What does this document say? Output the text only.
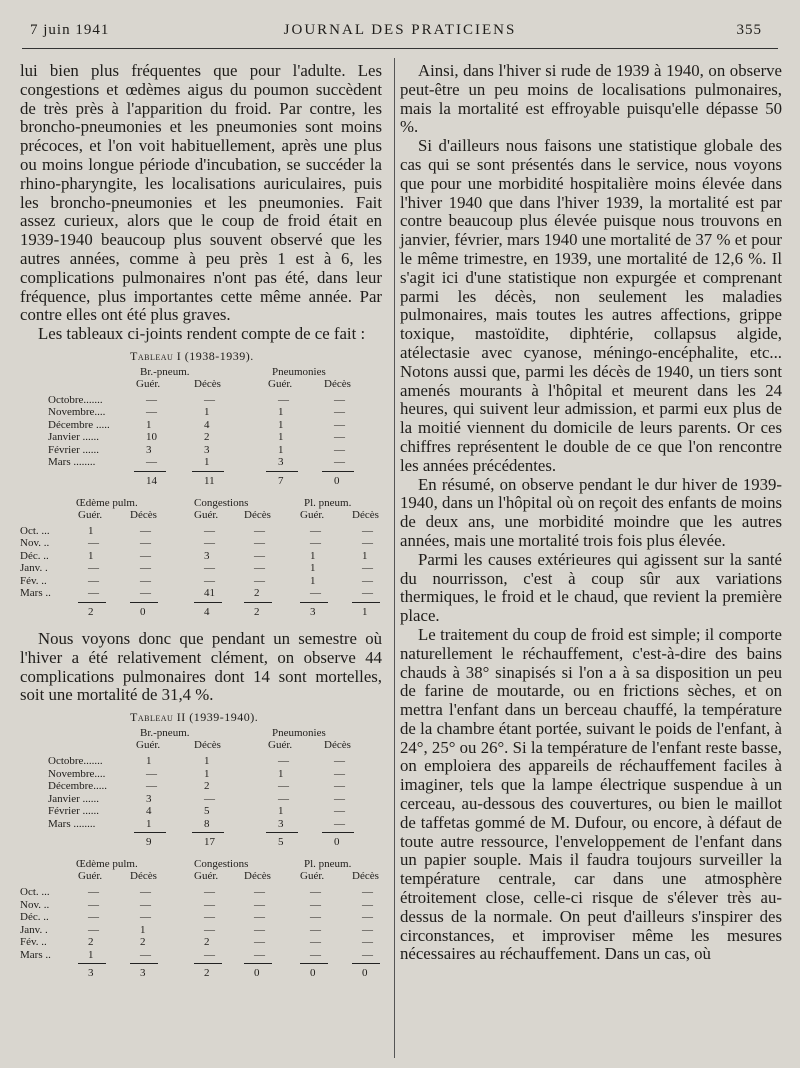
7 juin 1941	JOURNAL DES PRATICIENS	355

lui bien plus fréquentes que pour l'adulte. Les congestions et œdèmes aigus du poumon succèdent de très près à l'apparition du froid. Par contre, les broncho-pneumonies et les pneumonies sont moins précoces, et l'on voit habituellement, après une plus ou moins longue période d'incubation, se succéder la rhino-pharyngite, les localisations auriculaires, puis les broncho-pneumonies et les pneumonies. Fait assez curieux, alors que le coup de froid était en 1939-1940 beaucoup plus souvent observé que les autres années, comme à peu près 1 est à 6, les complications pulmonaires n'ont pas été, dans leur fréquence, plus importantes cette même année. Par contre elles ont été plus graves.

Les tableaux ci-joints rendent compte de ce fait :

Tableau I (1938-1939).
Br.-pneum.	Pneumonies
Guér.	Décès	Guér.	Décès
Octobre.......	—	—	—	—
Novembre....	—	1	1	—
Décembre .....	1	4	1	—
Janvier ......	10	2	1	—
Février ......	3	3	1	—
Mars ........	—	1	3	—
14	11	7	0
Œdème pulm.	Congestions	Pl. pneum.
Guér.	Décès	Guér. Décès	Guér.	Décès
Oct. ...	1	—	—	—	—	—
Nov. ..	—	—	—	—	—	—
Déc. ..	1	—	3	—	1	1
Janv. .	—	—	—	—	1	—
Fév. ..	—	—	—	—	1	—
Mars ..	—	—	41	2	—	—
2	0	4	2	3	1

Nous voyons donc que pendant un semestre où l'hiver a été relativement clément, on observe 44 complications pulmonaires dont 14 sont mortelles, soit une mortalité de 31,4 %.

Tableau II (1939-1940).
Br.-pneum.	Pneumonies
Guér.	Décès	Guér.	Décès
Octobre.......	1	1	—	—
Novembre....	—	1	1	—
Décembre.....	—	2	—	—
Janvier ......	3	—	—	—
Février ......	4	5	1	—
Mars ........	1	8	3	—
9	17	5	0
Œdème pulm.	Congestions	Pl. pneum.
Guér.	Décès	Guér. Décès	Guér.	Décès
Oct. ...	—	—	—	—	—	—
Nov. ..	—	—	—	—	—	—
Déc. ..	—	—	—	—	—	—
Janv. .	—	1	—	—	—	—
Fév. ..	2	2	2	—	—	—
Mars ..	1	—	—	—	—	—
3	3	2	0	0	0

Ainsi, dans l'hiver si rude de 1939 à 1940, on observe peut-être un peu moins de localisations pulmonaires, mais la mortalité est effroyable puisqu'elle dépasse 50 %.

Si d'ailleurs nous faisons une statistique globale des cas qui se sont présentés dans le service, nous voyons que pour une morbidité hospitalière moins élevée dans l'hiver 1940 que dans l'hiver 1939, la mortalité est par contre beaucoup plus élevée puisque nous trouvons en janvier, février, mars 1940 une mortalité de 37 % et pour le même trimestre, en 1939, une mortalité de 12,6 %. Il s'agit ici d'une statistique non expurgée et comprenant parmi les décès, non seulement les maladies pulmonaires, mais toutes les autres affections, grippe toxique, mastoïdite, diphtérie, collapsus algide, atélectasie avec cyanose, méningo-encéphalite, etc... Notons aussi que, parmi les décès de 1940, un tiers sont amenés mourants à l'hôpital et meurent dans les 24 heures, qui suivent leur admission, et parmi eux plus de la moitié viennent du domicile de leurs parents. Or ces chiffres représentent le double de ce que l'on rencontre les années précédentes.

En résumé, on observe pendant le dur hiver de 1939-1940, dans un l'hôpital où on reçoit des enfants de moins de deux ans, une morbidité moindre que les autres années, mais une mortalité trois fois plus élevée.

Parmi les causes extérieures qui agissent sur la santé du nourrisson, c'est à coup sûr aux variations thermiques, le froid et le chaud, que revient la première place.

Le traitement du coup de froid est simple; il comporte naturellement le réchauffement, c'est-à-dire des bains chauds à 38° sinapisés si l'on a à sa disposition un peu de farine de moutarde, ou en frictions sèches, et on mettra l'enfant dans un berceau chauffé, la température de la chambre étant portée, suivant le poids de l'enfant, à 24°, 25° ou 26°. Si la température de l'enfant reste basse, on emploiera des appareils de réchauffement faciles à imaginer, tels que la lampe électrique suspendue à un cerceau, au-dessous des couvertures, ou bien le maillot de taffetas gommé de M. Dufour, ou encore, à défaut de toute autre ressource, l'enveloppement de l'enfant dans un papier souple. Mais il faudra toujours surveiller la température centrale, car dans une atmosphère étroitement close, celle-ci risque de s'élever très au-dessus de la normale. On peut d'ailleurs s'inspirer des circonstances, et improviser même les mesures nécessaires au réchauffement. Dans un cas, où
